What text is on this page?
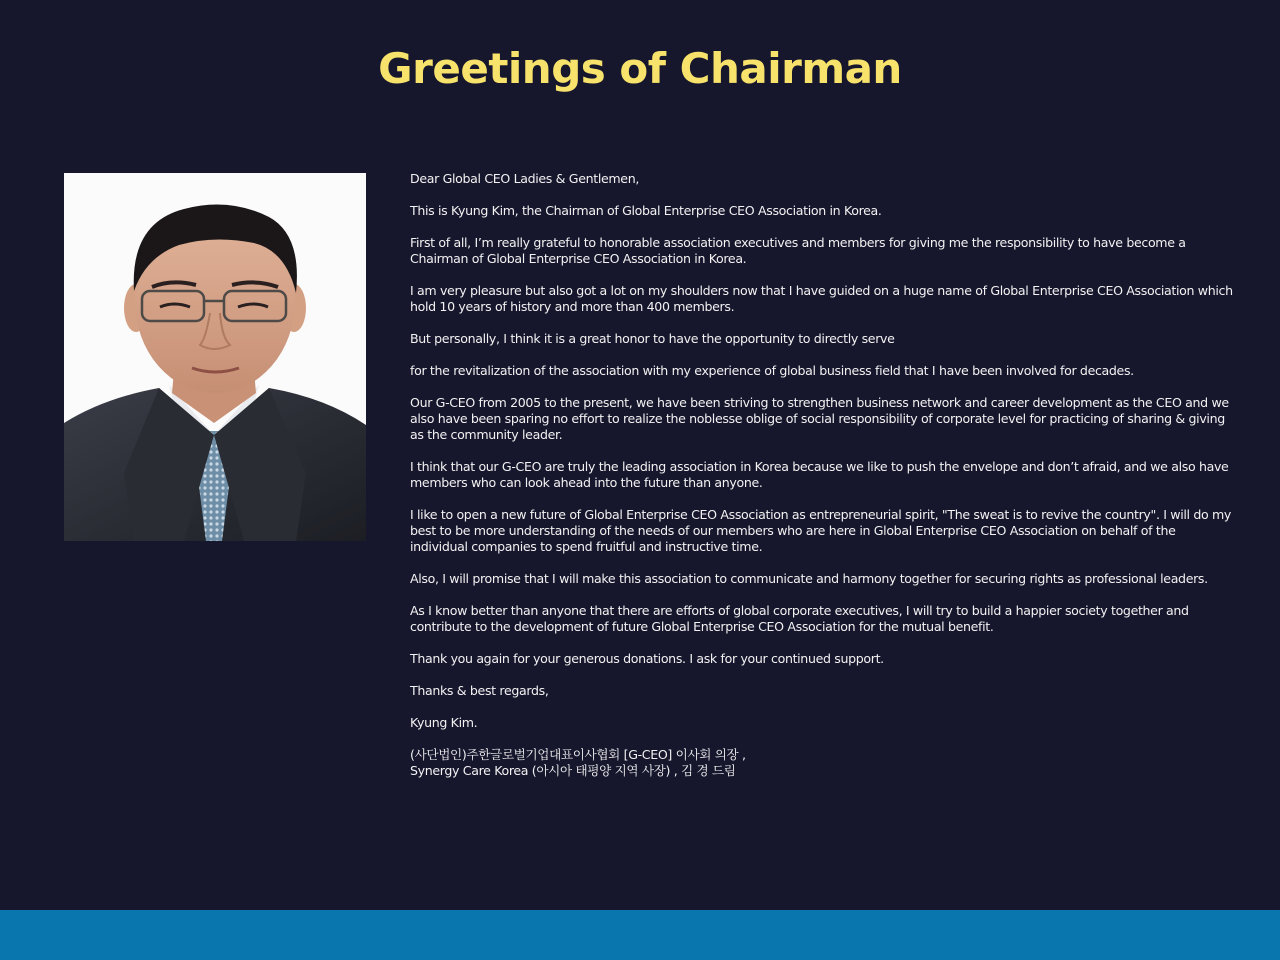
Greetings of Chairman

Dear Global CEO Ladies & Gentlemen,

This is Kyung Kim, the Chairman of Global Enterprise CEO Association in Korea.

First of all, I’m really grateful to honorable association executives and members for giving me the responsibility to have become a Chairman of Global Enterprise CEO Association in Korea.

I am very pleasure but also got a lot on my shoulders now that I have guided on a huge name of Global Enterprise CEO Association which hold 10 years of history and more than 400 members.

But personally, I think it is a great honor to have the opportunity to directly serve

for the revitalization of the association with my experience of global business field that I have been involved for decades.

Our G-CEO from 2005 to the present, we have been striving to strengthen business network and career development as the CEO and we also have been sparing no effort to realize the noblesse oblige of social responsibility of corporate level for practicing of sharing & giving as the community leader.

I think that our G-CEO are truly the leading association in Korea because we like to push the envelope and don’t afraid, and we also have members who can look ahead into the future than anyone.

I like to open a new future of Global Enterprise CEO Association as entrepreneurial spirit, "The sweat is to revive the country". I will do my best to be more understanding of the needs of our members who are here in Global Enterprise CEO Association on behalf of the individual companies to spend fruitful and instructive time.

Also, I will promise that I will make this association to communicate and harmony together for securing rights as professional leaders.

As I know better than anyone that there are efforts of global corporate executives, I will try to build a happier society together and contribute to the development of future Global Enterprise CEO Association for the mutual benefit.

Thank you again for your generous donations. I ask for your continued support.

Thanks & best regards,

Kyung Kim.

(사단법인)주한글로벌기업대표이사협회 [G-CEO] 이사회 의장 ,
Synergy Care Korea (아시아 태평양 지역 사장) , 김 경 드림
